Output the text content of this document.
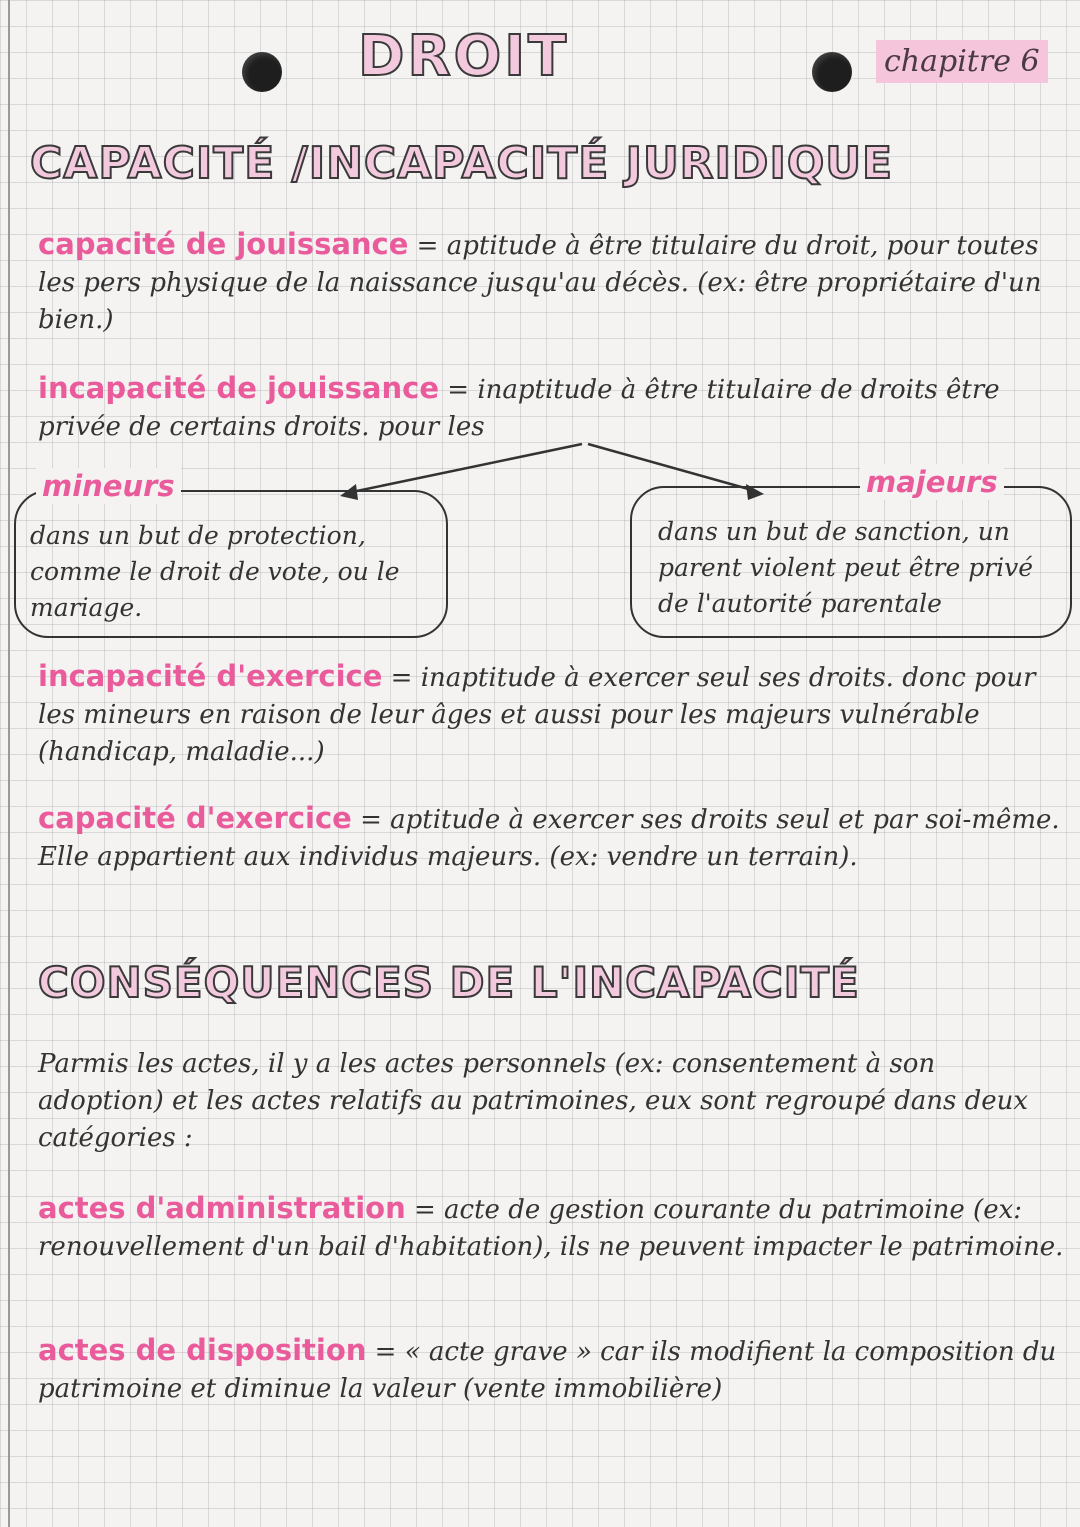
DROIT	chapitre 6
CAPACITÉ /INCAPACITÉ JURIDIQUE
capacité de jouissance = aptitude à être titulaire du droit, pour toutes les pers physique de la naissance jusqu'au décès. (ex: être propriétaire d'un bien.)
incapacité de jouissance = inaptitude à être titulaire de droits être privée de certains droits. pour les
mineurs
dans un but de protection, comme le droit de vote, ou le mariage.
majeurs
dans un but de sanction, un parent violent peut être privé de l'autorité parentale
incapacité d'exercice = inaptitude à exercer seul ses droits. donc pour les mineurs en raison de leur âges et aussi pour les majeurs vulnérable (handicap, maladie...)
capacité d'exercice = aptitude à exercer ses droits seul et par soi-même. Elle appartient aux individus majeurs. (ex: vendre un terrain).
CONSÉQUENCES DE L'INCAPACITÉ
Parmis les actes, il y a les actes personnels (ex: consentement à son adoption) et les actes relatifs au patrimoines, eux sont regroupé dans deux catégories :
actes d'administration = acte de gestion courante du patrimoine (ex: renouvellement d'un bail d'habitation), ils ne peuvent impacter le patrimoine.
actes de disposition = « acte grave » car ils modifient la composition du patrimoine et diminue la valeur (vente immobilière)
